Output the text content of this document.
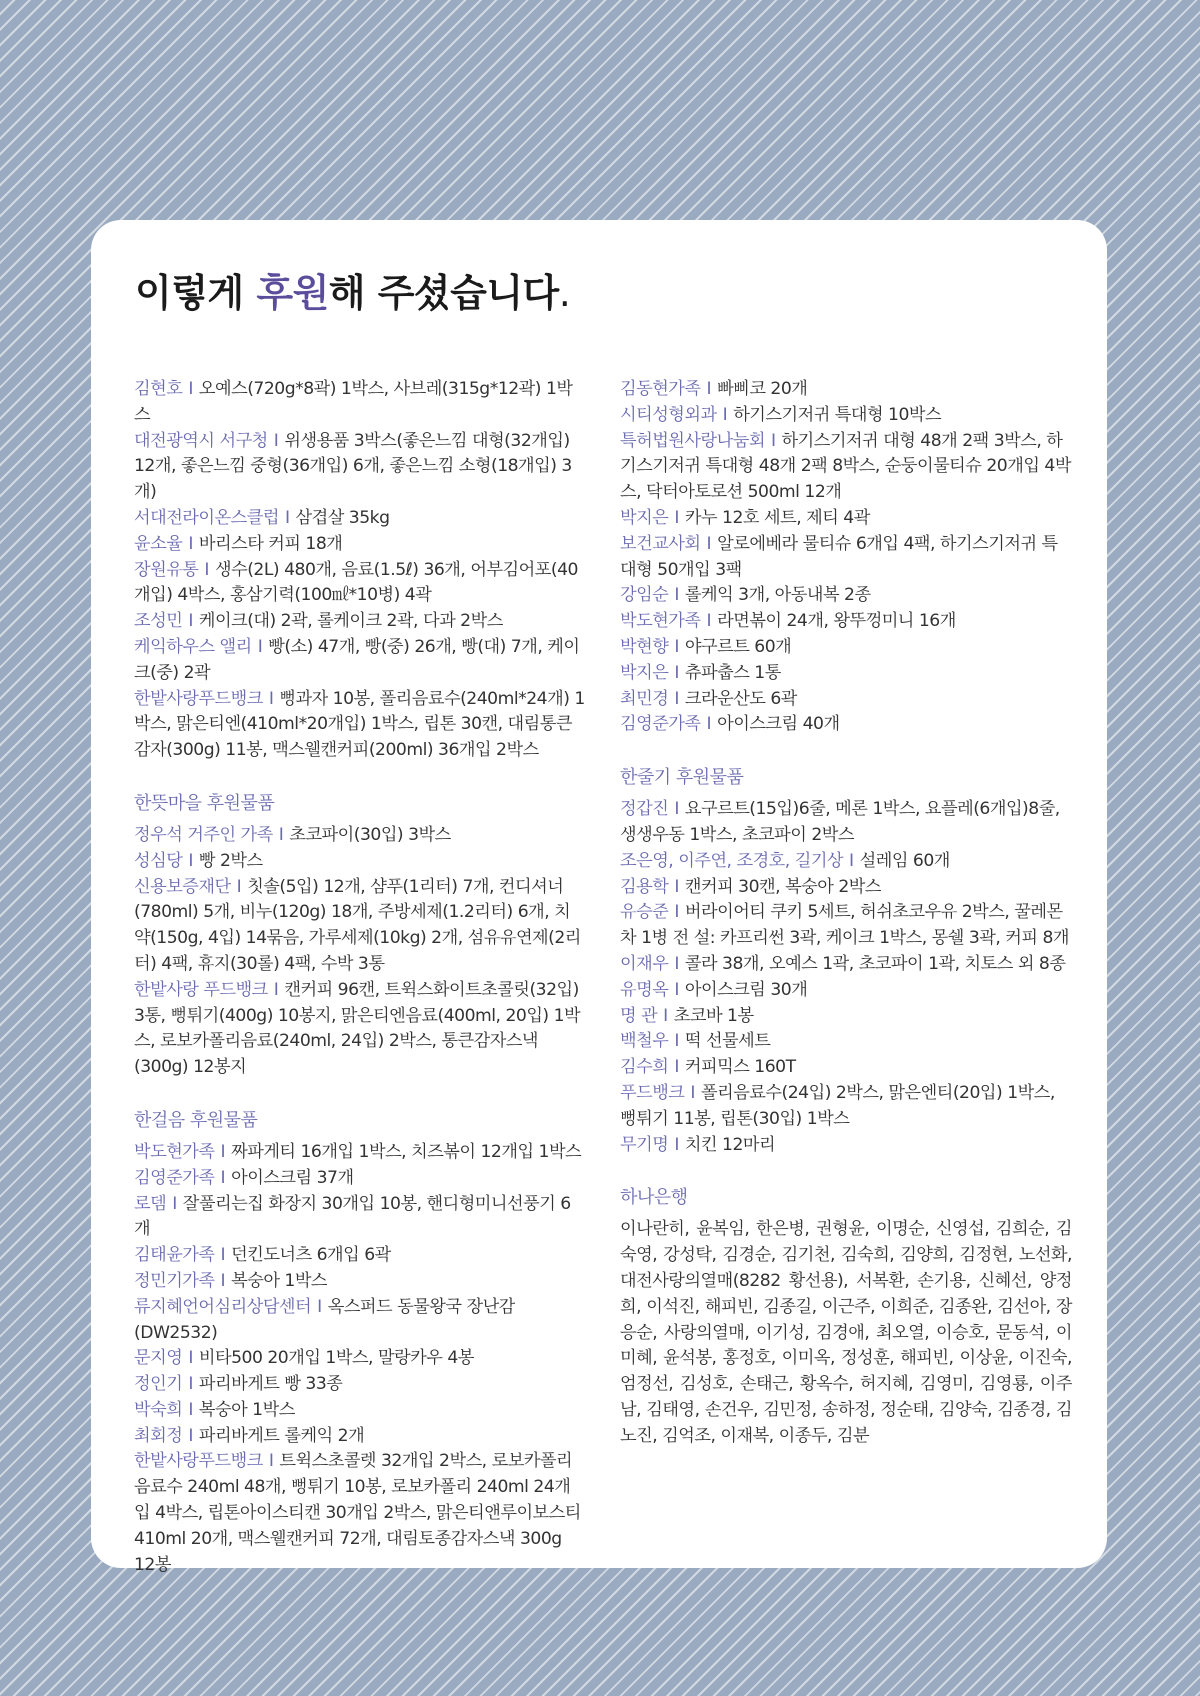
이렇게 후원해 주셨습니다.

김현호 I 오예스(720g*8곽) 1박스, 사브레(315g*12곽) 1박스

대전광역시 서구청 I 위생용품 3박스(좋은느낌 대형(32개입) 12개, 좋은느낌 중형(36개입) 6개, 좋은느낌 소형(18개입) 3개)

서대전라이온스클럽 I 삼겹살 35kg

윤소율 I 바리스타 커피 18개

장원유통 I 생수(2L) 480개, 음료(1.5ℓ) 36개, 어부김어포(40개입) 4박스, 홍삼기력(100㎖*10병) 4곽

조성민 I 케이크(대) 2곽, 롤케이크 2곽, 다과 2박스

케익하우스 앨리 I 빵(소) 47개, 빵(중) 26개, 빵(대) 7개, 케이크(중) 2곽

한밭사랑푸드뱅크 I 뻥과자 10봉, 폴리음료수(240ml*24개) 1박스, 맑은티엔(410ml*20개입) 1박스, 립톤 30캔, 대림통큰감자(300g) 11봉, 맥스웰캔커피(200ml) 36개입 2박스

한뜻마을 후원물품

정우석 거주인 가족 I 초코파이(30입) 3박스

성심당 I 빵 2박스

신용보증재단 I 칫솔(5입) 12개, 샴푸(1리터) 7개, 컨디셔너(780ml) 5개, 비누(120g) 18개, 주방세제(1.2리터) 6개, 치약(150g, 4입) 14묶음, 가루세제(10kg) 2개, 섬유유연제(2리터) 4팩, 휴지(30롤) 4팩, 수박 3통

한밭사랑 푸드뱅크 I 캔커피 96캔, 트윅스화이트초콜릿(32입) 3통, 뻥튀기(400g) 10봉지, 맑은티엔음료(400ml, 20입) 1박스, 로보카폴리음료(240ml, 24입) 2박스, 통큰감자스낵(300g) 12봉지

한걸음 후원물품

박도현가족 I 짜파게티 16개입 1박스, 치즈볶이 12개입 1박스

김영준가족 I 아이스크림 37개

로뎀 I 잘풀리는집 화장지 30개입 10봉, 핸디형미니선풍기 6개

김태윤가족 I 던킨도너츠 6개입 6곽

정민기가족 I 복숭아 1박스

류지혜언어심리상담센터 I 옥스퍼드 동물왕국 장난감(DW2532)

문지영 I 비타500 20개입 1박스, 말랑카우 4봉

정인기 I 파리바게트 빵 33종

박숙희 I 복숭아 1박스

최회정 I 파리바게트 롤케익 2개

한밭사랑푸드뱅크 I 트윅스초콜렛 32개입 2박스, 로보카폴리 음료수 240ml 48개, 뻥튀기 10봉, 로보카폴리 240ml 24개입 4박스, 립톤아이스티캔 30개입 2박스, 맑은티앤루이보스티 410ml 20개, 맥스웰캔커피 72개, 대림토종감자스낵 300g 12봉

김동현가족 I 빠삐코 20개

시티성형외과 I 하기스기저귀 특대형 10박스

특허법원사랑나눔회 I 하기스기저귀 대형 48개 2팩 3박스, 하기스기저귀 특대형 48개 2팩 8박스, 순둥이물티슈 20개입 4박스, 닥터아토로션 500ml 12개

박지은 I 카누 12호 세트, 제티 4곽

보건교사회 I 알로에베라 물티슈 6개입 4팩, 하기스기저귀 특대형 50개입 3팩

강임순 I 롤케익 3개, 아동내복 2종

박도현가족 I 라면볶이 24개, 왕뚜껑미니 16개

박현향 I 야구르트 60개

박지은 I 츄파춥스 1통

최민경 I 크라운산도 6곽

김영준가족 I 아이스크림 40개

한줄기 후원물품

정갑진 I 요구르트(15입)6줄, 메론 1박스, 요플레(6개입)8줄, 생생우동 1박스, 초코파이 2박스

조은영, 이주연, 조경호, 길기상 I 설레임 60개

김용학 I 캔커피 30캔, 복숭아 2박스

유승준 I 버라이어티 쿠키 5세트, 허쉬초코우유 2박스, 꿀레몬차 1병 전 설: 카프리썬 3곽, 케이크 1박스, 몽쉘 3곽, 커피 8개

이재우 I 콜라 38개, 오예스 1곽, 초코파이 1곽, 치토스 외 8종

유명옥 I 아이스크림 30개

명 관 I 초코바 1봉

백철우 I 떡 선물세트

김수희 I 커피믹스 160T

푸드뱅크 I 폴리음료수(24입) 2박스, 맑은엔티(20입) 1박스, 뻥튀기 11봉, 립톤(30입) 1박스

무기명 I 치킨 12마리

하나은행

이나란히, 윤복임, 한은병, 권형윤, 이명순, 신영섭, 김희순, 김숙영, 강성탁, 김경순, 김기천, 김숙희, 김양희, 김정현, 노선화, 대전사랑의열매(8282 황선용), 서복환, 손기용, 신혜선, 양정희, 이석진, 해피빈, 김종길, 이근주, 이희준, 김종완, 김선아, 장응순, 사랑의열매, 이기성, 김경애, 최오열, 이승호, 문동석, 이미혜, 윤석봉, 홍정호, 이미옥, 정성훈, 해피빈, 이상윤, 이진숙, 엄정선, 김성호, 손태근, 황옥수, 허지혜, 김영미, 김영룡, 이주남, 김태영, 손건우, 김민정, 송하정, 정순태, 김양숙, 김종경, 김노진, 김억조, 이재복, 이종두, 김분
